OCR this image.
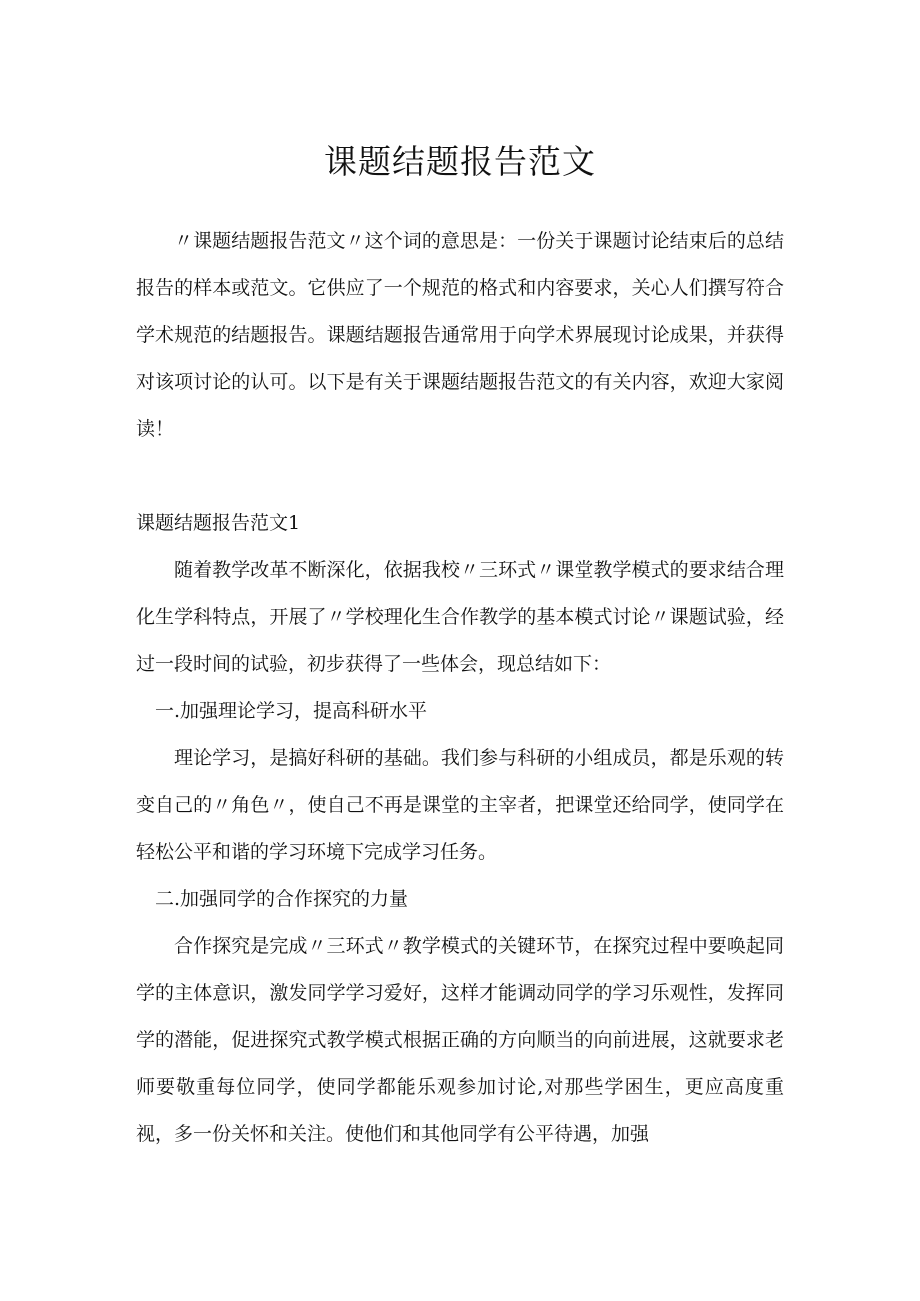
课题结题报告范文

〃课题结题报告范文〃这个词的意思是：一份关于课题讨论结束后的总结报告的样本或范文。它供应了一个规范的格式和内容要求，关心人们撰写符合学术规范的结题报告。课题结题报告通常用于向学术界展现讨论成果，并获得对该项讨论的认可。以下是有关于课题结题报告范文的有关内容，欢迎大家阅读！

课题结题报告范文1

随着教学改革不断深化，依据我校〃三环式〃课堂教学模式的要求结合理化生学科特点，开展了〃学校理化生合作教学的基本模式讨论〃课题试验，经过一段时间的试验，初步获得了一些体会，现总结如下：

一.加强理论学习，提高科研水平

理论学习，是搞好科研的基础。我们参与科研的小组成员，都是乐观的转变自己的〃角色〃，使自己不再是课堂的主宰者，把课堂还给同学，使同学在轻松公平和谐的学习环境下完成学习任务。

二.加强同学的合作探究的力量

合作探究是完成〃三环式〃教学模式的关键环节，在探究过程中要唤起同学的主体意识，激发同学学习爱好，这样才能调动同学的学习乐观性，发挥同学的潜能，促进探究式教学模式根据正确的方向顺当的向前进展，这就要求老师要敬重每位同学，使同学都能乐观参加讨论,对那些学困生，更应高度重视，多一份关怀和关注。使他们和其他同学有公平待遇，加强
